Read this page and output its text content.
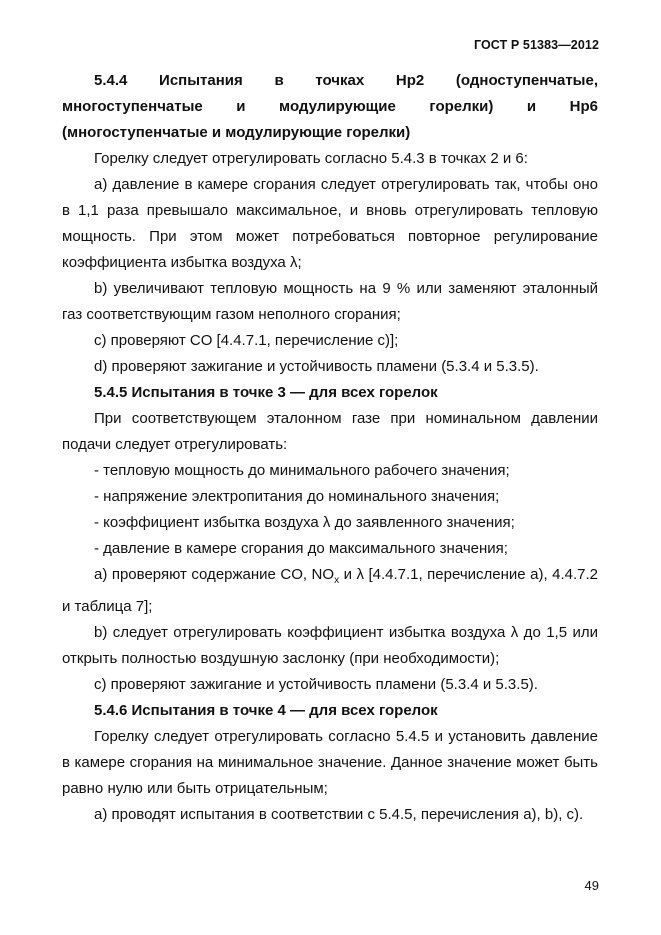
ГОСТ Р 51383—2012

5.4.4 Испытания в точках Нр2 (одноступенчатые, многоступенчатые и модулирующие горелки) и Нр6 (многоступенчатые и модулирующие горелки)

Горелку следует отрегулировать согласно 5.4.3 в точках 2 и 6:

а) давление в камере сгорания следует отрегулировать так, чтобы оно в 1,1 раза превышало максимальное, и вновь отрегулировать тепловую мощность. При этом может потребоваться повторное регулирование коэффициента избытка воздуха λ;

b) увеличивают тепловую мощность на 9 % или заменяют эталонный газ соответствующим газом неполного сгорания;

c) проверяют CO [4.4.7.1, перечисление c)];

d) проверяют зажигание и устойчивость пламени (5.3.4 и 5.3.5).

5.4.5 Испытания в точке 3 — для всех горелок

При соответствующем эталонном газе при номинальном давлении подачи следует отрегулировать:

- тепловую мощность до минимального рабочего значения;

- напряжение электропитания до номинального значения;

- коэффициент избытка воздуха λ до заявленного значения;

- давление в камере сгорания до максимального значения;

а) проверяют содержание CO, $NO_x$ и λ [4.4.7.1, перечисление а), 4.4.7.2 и таблица 7];

b) следует отрегулировать коэффициент избытка воздуха λ до 1,5 или открыть полностью воздушную заслонку (при необходимости);

c) проверяют зажигание и устойчивость пламени (5.3.4 и 5.3.5).

5.4.6 Испытания в точке 4 — для всех горелок

Горелку следует отрегулировать согласно 5.4.5 и установить давление в камере сгорания на минимальное значение. Данное значение может быть равно нулю или быть отрицательным;

а) проводят испытания в соответствии с 5.4.5, перечисления а), b), c).

49
